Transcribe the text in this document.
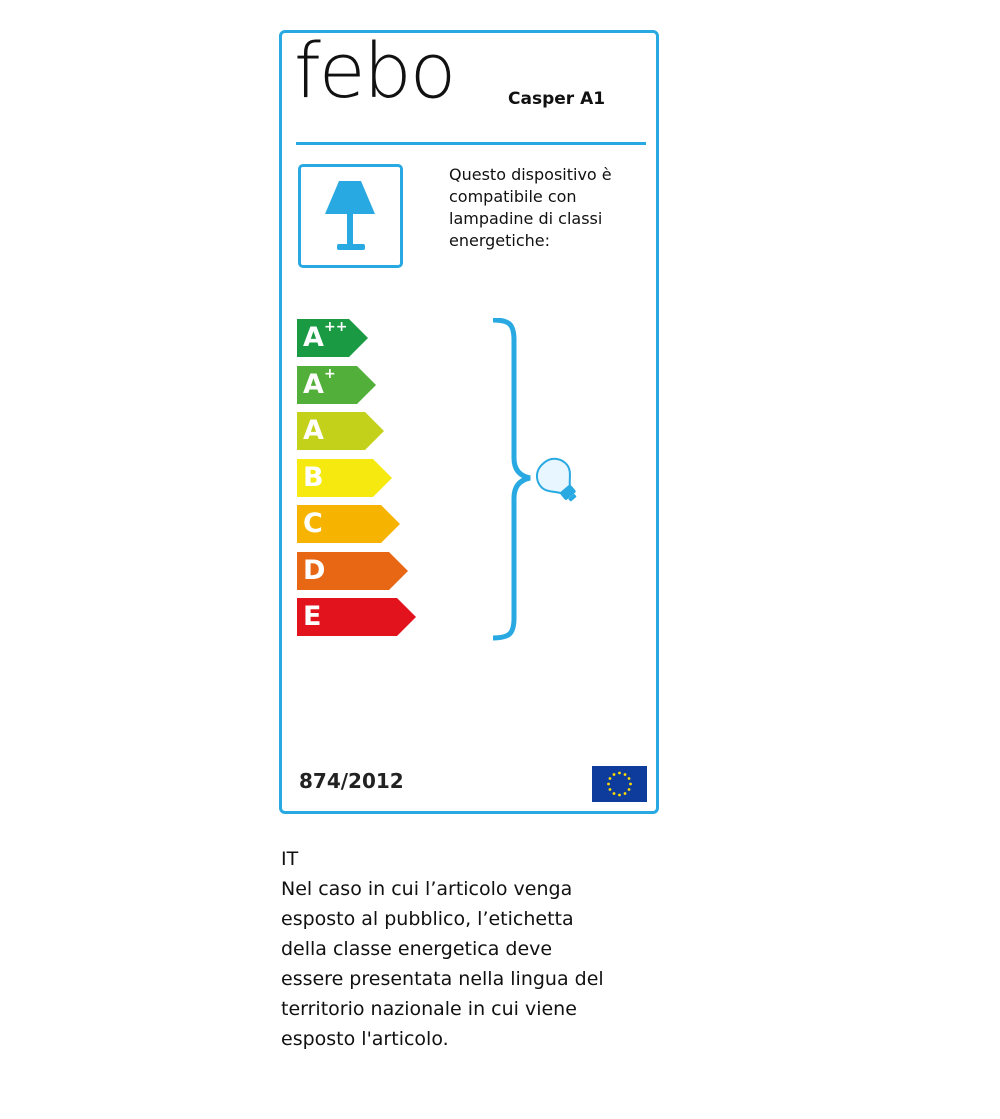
febo	Casper A1
Questo dispositivo è compatibile con lampadine di classi energetiche:
A ++
A +
A
B
C
D
E
874/2012
IT
Nel caso in cui l’articolo venga
esposto al pubblico, l’etichetta
della classe energetica deve
essere presentata nella lingua del
territorio nazionale in cui viene
esposto l'articolo.
